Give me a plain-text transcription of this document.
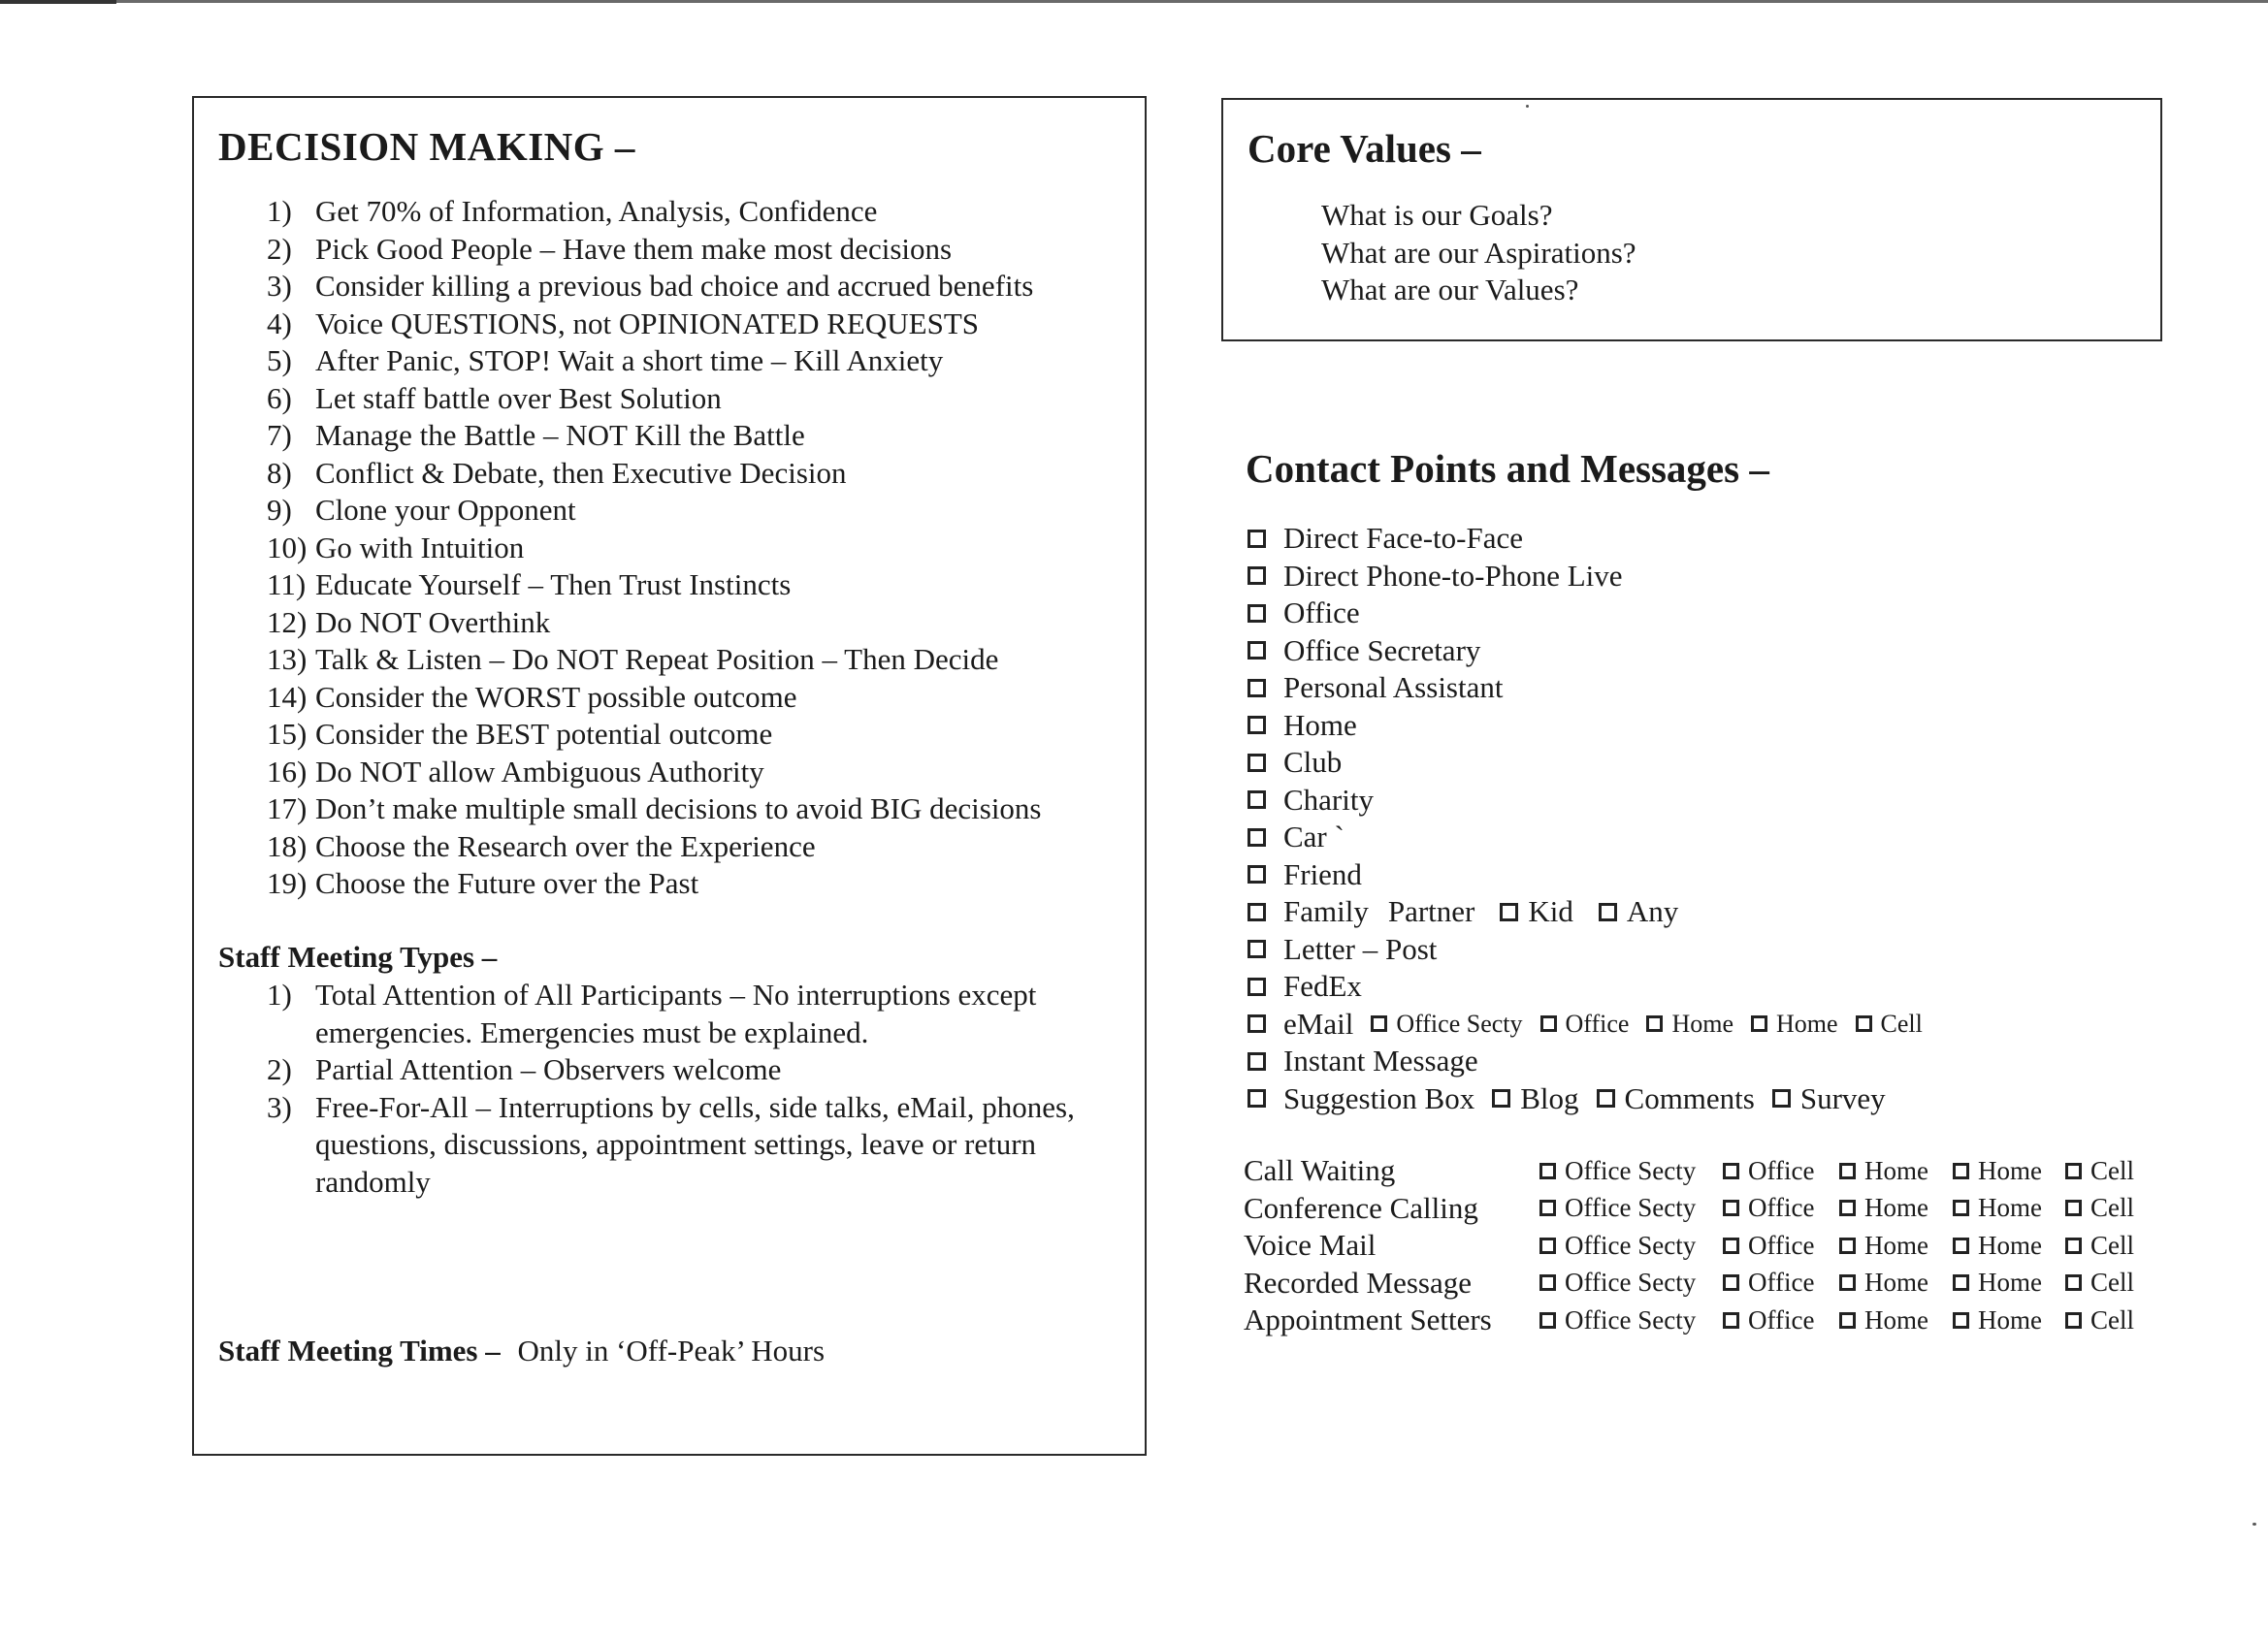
DECISION MAKING –
1) Get 70% of Information, Analysis, Confidence
2) Pick Good People – Have them make most decisions
3) Consider killing a previous bad choice and accrued benefits
4) Voice QUESTIONS, not OPINIONATED REQUESTS
5) After Panic, STOP! Wait a short time – Kill Anxiety
6) Let staff battle over Best Solution
7) Manage the Battle – NOT Kill the Battle
8) Conflict & Debate, then Executive Decision
9) Clone your Opponent
10) Go with Intuition
11) Educate Yourself – Then Trust Instincts
12) Do NOT Overthink
13) Talk & Listen – Do NOT Repeat Position – Then Decide
14) Consider the WORST possible outcome
15) Consider the BEST potential outcome
16) Do NOT allow Ambiguous Authority
17) Don’t make multiple small decisions to avoid BIG decisions
18) Choose the Research over the Experience
19) Choose the Future over the Past
Staff Meeting Types –
1) Total Attention of All Participants – No interruptions except emergencies. Emergencies must be explained.
2) Partial Attention – Observers welcome
3) Free-For-All – Interruptions by cells, side talks, eMail, phones, questions, discussions, appointment settings, leave or return randomly
Staff Meeting Times – Only in ‘Off-Peak’ Hours
Core Values –
What is our Goals?
What are our Aspirations?
What are our Values?
Contact Points and Messages –
Direct Face-to-Face
Direct Phone-to-Phone Live
Office
Office Secretary
Personal Assistant
Home
Club
Charity
Car `
Friend
Family Partner Kid Any
Letter – Post
FedEx
eMail Office Secty Office Home Home Cell
Instant Message
Suggestion Box Blog Comments Survey
Call Waiting	Office Secty Office Home Home Cell
Conference Calling	Office Secty Office Home Home Cell
Voice Mail	Office Secty Office Home Home Cell
Recorded Message	Office Secty Office Home Home Cell
Appointment Setters	Office Secty Office Home Home Cell
